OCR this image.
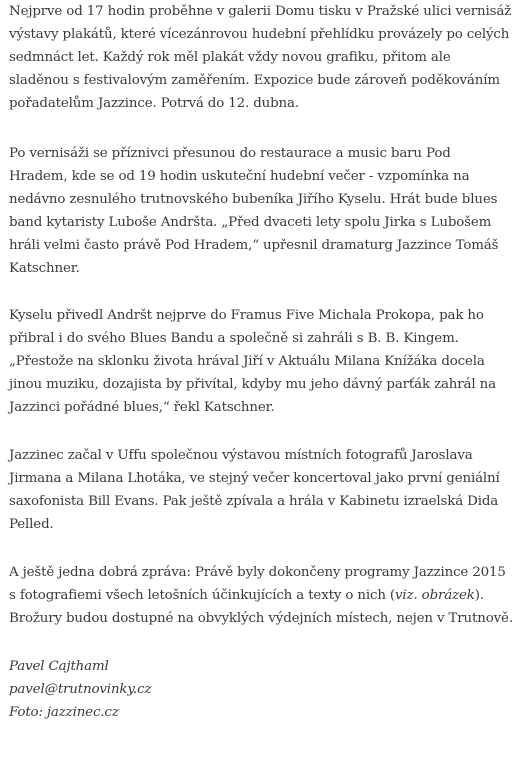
Nejprve od 17 hodin proběhne v galerii Domu tisku v Pražské ulici vernisáž výstavy plakátů, které vícezánrovou hudební přehlídku provázely po celých sedmnáct let. Každý rok měl plakát vždy novou grafiku, přitom ale sladěnou s festivalovým zaměřením. Expozice bude zároveň poděkováním pořadatelům Jazzince. Potrvá do 12. dubna.

Po vernisáži se příznivci přesunou do restaurace a music baru Pod Hradem, kde se od 19 hodin uskuteční hudební večer - vzpomínka na nedávno zesnulého trutnovského bubeníka Jiřího Kyselu. Hrát bude blues band kytaristy Luboše Andršta. „Před dvaceti lety spolu Jirka s Lubošem hráli velmi často právě Pod Hradem,“ upřesnil dramaturg Jazzince Tomáš Katschner.

Kyselu přivedl Andršt nejprve do Framus Five Michala Prokopa, pak ho přibral i do svého Blues Bandu a společně si zahráli s B. B. Kingem. „Přestože na sklonku života hrával Jiří v Aktuálu Milana Knížáka docela jinou muziku, dozajista by přivítal, kdyby mu jeho dávný parťák zahrál na Jazzinci pořádné blues,“ řekl Katschner.

Jazzinec začal v Uffu společnou výstavou místních fotografů Jaroslava Jirmana a Milana Lhotáka, ve stejný večer koncertoval jako první geniální saxofonista Bill Evans. Pak ještě zpívala a hrála v Kabinetu izraelská Dida Pelled.

A ještě jedna dobrá zpráva: Právě byly dokončeny programy Jazzince 2015 s fotografiemi všech letošních účinkujících a texty o nich (viz. obrázek). Brožury budou dostupné na obvyklých výdejních místech, nejen v Trutnově.

Pavel Cajthaml
pavel@trutnovinky.cz
Foto: jazzinec.cz
